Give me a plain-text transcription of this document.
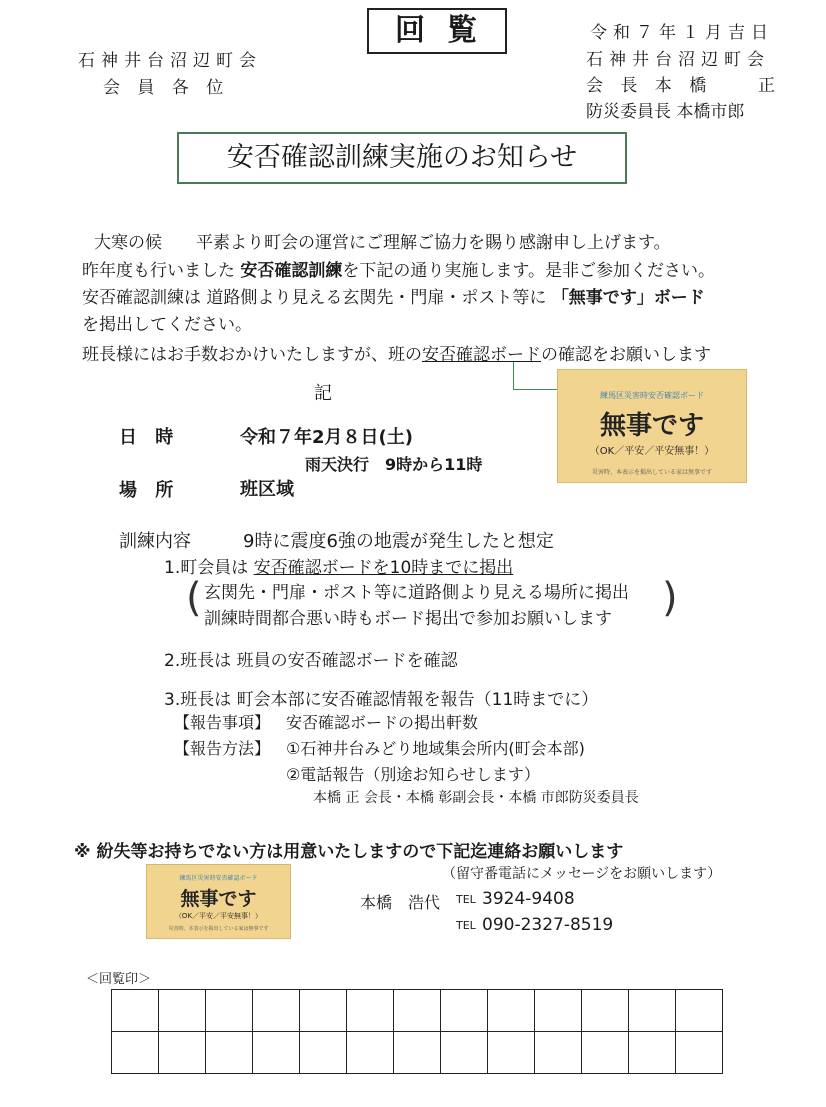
石神井台沼辺町会
会 員 各 位
回覧	令和７年１月吉日
石神井台沼辺町会
会 長 本 橋 　 正
防災委員長 本橋市郎
安否確認訓練実施のお知らせ
大寒の候　　平素より町会の運営にご理解ご協力を賜り感謝申し上げます。
昨年度も行いました 安否確認訓練を下記の通り実施します。是非ご参加ください。
安否確認訓練は 道路側より見える玄関先・門扉・ポスト等に 「無事です」ボード
を掲出してください。
班長様にはお手数おかけいたしますが、班の安否確認ボードの確認をお願いします
練馬区災害時安否確認ボード
無事です
（OK／平安／平安無事！）
災害時、本表示を掲出している家は無事です
記
日 時	令和７年2月８日(土)
雨天決行　9時から11時
場 所	班区域
訓練内容	9時に震度6強の地震が発生したと想定
1.町会員は 安否確認ボードを10時までに掲出
(	)
玄関先・門扉・ポスト等に道路側より見える場所に掲出
訓練時間都合悪い時もボード掲出で参加お願いします
2.班長は 班員の安否確認ボードを確認
3.班長は 町会本部に安否確認情報を報告（11時までに）
【報告事項】 安否確認ボードの掲出軒数
【報告方法】 ①石神井台みどり地域集会所内(町会本部)
②電話報告（別途お知らせします）
本橋 正 会長・本橋 彰副会長・本橋 市郎防災委員長
※ 紛失等お持ちでない方は用意いたしますので下記迄連絡お願いします
（留守番電話にメッセージをお願いします）
練馬区災害時安否確認ボード
無事です
（OK／平安／平安無事！）
災害時、本表示を掲出している家は無事です
本橋　浩代 TEL 3924-9408
TEL 090-2327-8519
＜回覧印＞
